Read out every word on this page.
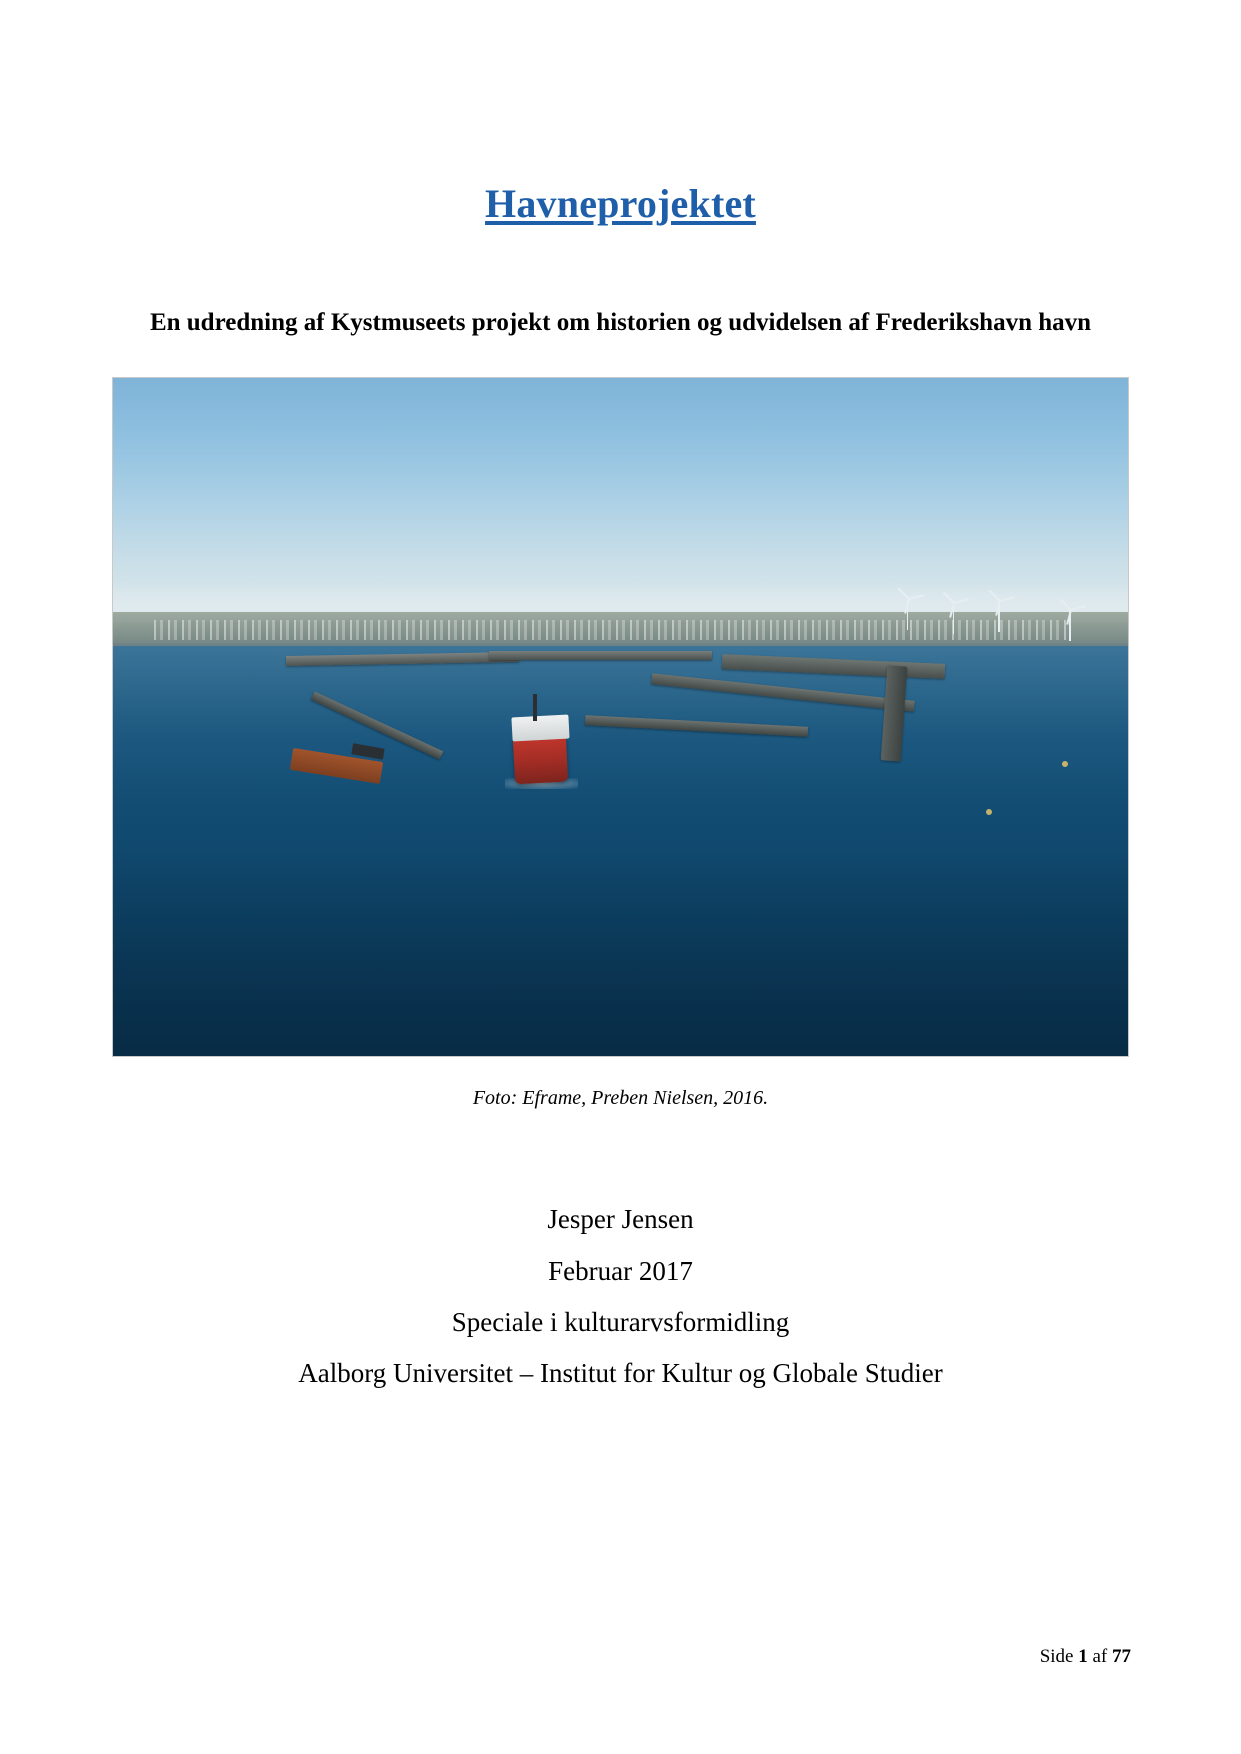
Havneprojektet
En udredning af Kystmuseets projekt om historien og udvidelsen af Frederikshavn havn
Foto: Eframe, Preben Nielsen, 2016.
Jesper Jensen
Februar 2017
Speciale i kulturarvsformidling
Aalborg Universitet – Institut for Kultur og Globale Studier
Side 1 af 77
